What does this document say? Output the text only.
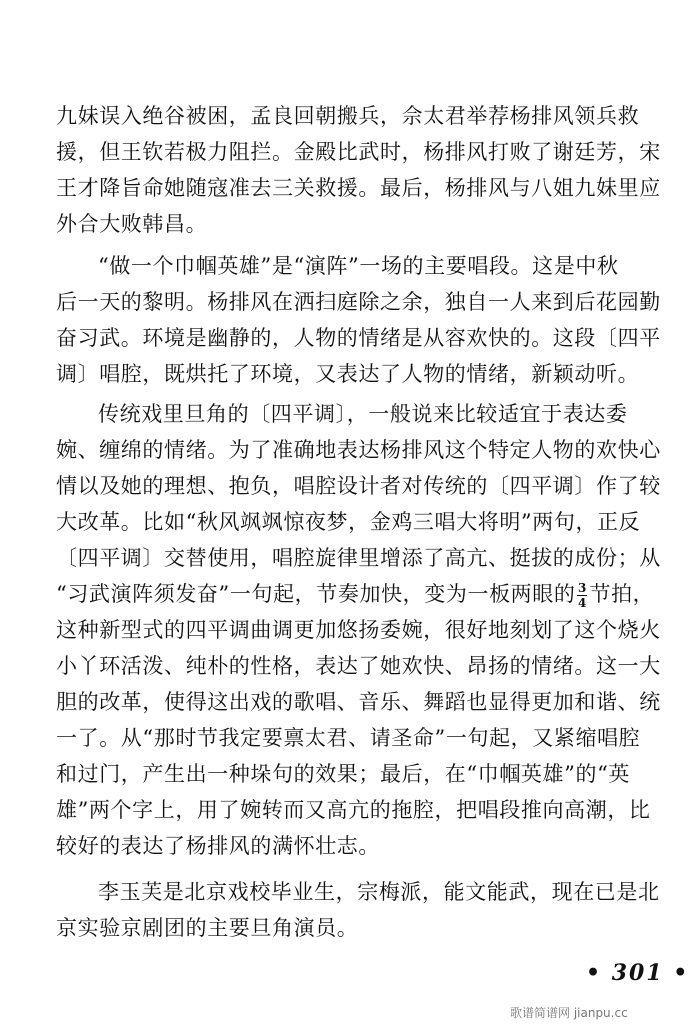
九妹误入绝谷被困，孟良回朝搬兵，佘太君举荐杨排风领兵救
援，但王钦若极力阻拦。金殿比武时，杨排风打败了谢廷芳，宋
王才降旨命她随寇准去三关救援。最后，杨排风与八姐九妹里应
外合大败韩昌。
“做一个巾帼英雄”是“演阵”一场的主要唱段。这是中秋
后一天的黎明。杨排风在洒扫庭除之余，独自一人来到后花园勤
奋习武。环境是幽静的，人物的情绪是从容欢快的。这段〔四平
调〕唱腔，既烘托了环境，又表达了人物的情绪，新颖动听。
传统戏里旦角的〔四平调〕，一般说来比较适宜于表达委
婉、缠绵的情绪。为了准确地表达杨排风这个特定人物的欢快心
情以及她的理想、抱负，唱腔设计者对传统的〔四平调〕作了较
大改革。比如“秋风飒飒惊夜梦，金鸡三唱大将明”两句，正反
〔四平调〕交替使用，唱腔旋律里增添了高亢、挺拔的成份；从
“习武演阵须发奋”一句起，节奏加快，变为一板两眼的 $\frac{3}{4}$ 节拍，
这种新型式的四平调曲调更加悠扬委婉，很好地刻划了这个烧火
小丫环活泼、纯朴的性格，表达了她欢快、昂扬的情绪。这一大
胆的改革，使得这出戏的歌唱、音乐、舞蹈也显得更加和谐、统
一了。从“那时节我定要禀太君、请圣命”一句起，又紧缩唱腔
和过门，产生出一种垛句的效果；最后，在“巾帼英雄”的“英
雄”两个字上，用了婉转而又高亢的拖腔，把唱段推向高潮，比
较好的表达了杨排风的满怀壮志。
李玉芙是北京戏校毕业生，宗梅派，能文能武，现在已是北
京实验京剧团的主要旦角演员。
• 301 •
歌谱简谱网 jianpu.cc
